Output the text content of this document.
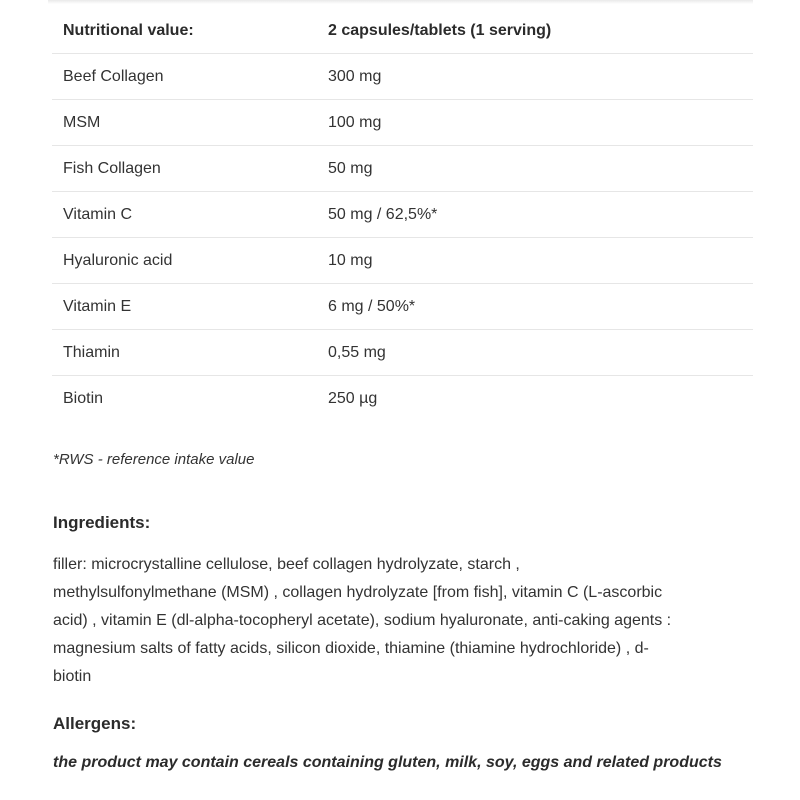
Nutritional value:	2 capsules/tablets (1 serving)
Beef Collagen	300 mg
MSM	100 mg
Fish Collagen	50 mg
Vitamin C	50 mg / 62,5%*
Hyaluronic acid	10 mg
Vitamin E	6 mg / 50%*
Thiamin	0,55 mg
Biotin	250 µg
*RWS - reference intake value
Ingredients:

filler: microcrystalline cellulose, beef collagen hydrolyzate, starch ,
methylsulfonylmethane (MSM) , collagen hydrolyzate [from fish], vitamin C (L-ascorbic
acid) , vitamin E (dl-alpha-tocopheryl acetate), sodium hyaluronate, anti-caking agents :
magnesium salts of fatty acids, silicon dioxide, thiamine (thiamine hydrochloride) , d-
biotin

Allergens:

the product may contain cereals containing gluten, milk, soy, eggs and related products
